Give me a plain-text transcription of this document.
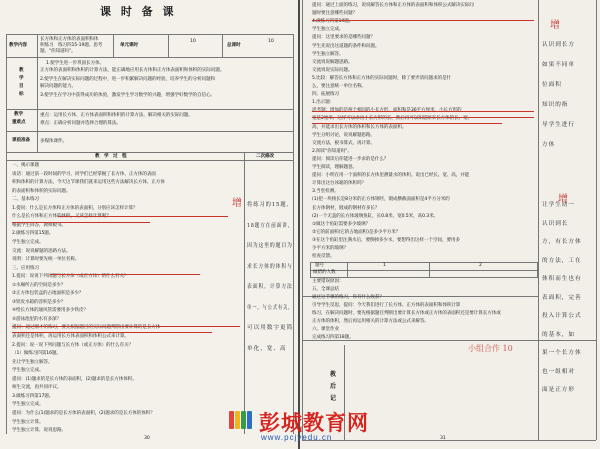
课 时 备 课
教学内容
长方体和正方体的表面积和体
积练习 练习四15-19题、思考
题、"你知道吗"。
单元课时
10
总课时
10
教
学
目
标
1.使学生进一步巩固长方体、
正方体的表面积和体积的计算方法，能正确地应用长方体和正方体表面积和体积的实际问题。
2.使学生在解决实际问题的过程中，进一步积累解决问题的经验，培养学生的分析问题和
解决问题的能力。
3.使学生在学习中获得成功的体验，激发学生学习数学的兴趣，增强学好数学的自信心。
教学
重难点
重点：运用长方体、正方体表面积和体积的计算方法，解决相关的实际问题。
难点：正确分析问题并选择合理的算法。
课前准备 多媒体课件。
教　学　过　程	二次修改
一、揭示课题
谈话：通过前一段时间的学习，同学们已经掌握了长方体、正方体的表面
积和体积的计算方法，今天这节课我们就来运用这些方法解决长方体、正方体
的表面积和体积的实际问题。
二、基本练习
1.提问：什么是长方体和正方体的表面积，分别应该怎样计算？
什么是长方体和正方体的体积，又该怎样计算呢？
根据学生回答，教师板书。
2.做练习四第15题。
学生独立完成。
交流：说说解题的思路方法。
说明：计算时要先统一单位名称。
三、应用练习
1.提问：说说下列问题与长方体（或正方体）的什么有关？
①水厢所占的空间是多少？
②正方体包装盒的占地面积是多少？
③铁皮水箱的容积是多少？
④给长方体的通风管需要用多少铁皮？
⑤游泳池里的水有多深？
提问：通过刚才的练习，要先根据题目的实际问题判断出要计算的是长方体
表面积还是体积，再运用长方体表面积和体积公式来计算。
2.提问：说一说下列问题与长方体（或正方体）的什么有关？
（1）做练习四第16题。
先让学生独立解答。
学生独立完成。
提问：(1)题求的是长方体的表面积，(2)题求的是长方体体积。
师生交流，再共同评议。
3.做练习四第17题。
学生独立完成。
提问：为什么(1)题求的是长方体的表面积，(2)题求的是长方体的体积？
学生独立计算。
学生独立计算，说说思路。
增 将练习的15题、
18题方在前面讲，
因为这里的题目为
求长方体的体积与
表面积，计算方法
单一，与公式有关，
可以用数字更简
单化，宽、高
30
提问：通过上面的练习，说说解答长方体和正方体的表面积和体积公式解决实际问
题时要注意哪些问题？
4.做练习四第19题。
学生独立完成。
提问：这里要求的是哪些问题？
学生先说出这道题的条件和问题。
学生独立解答。
交流说说解题思路。
交流说说实际问题。
5.比较：解答长方体和正方体的实际问题时，除了要弄清问题求的是什
么，要注意统一单位名称。
四、拓展练习
1.出示题：
思考题：增加的是两个相同的小长方形，面积和是36平方厘米，小长方形的
宽是2厘米，这样可以求出小长方形的长，然后再可以知道原来长方体的长、宽、
高，并能求出长方体的体积和长方体的表面积。
学生分组讨论，说说解题思路。
交流方法，板书算式，再计算。
2.阅读"你知道吗"。
提问：阅读后你能进一步求的是什么？
学生阅读，理解题意。
提问：小明在用一个面积的长方体里测量水的体积。说出已经长、宽、高，并能
计算出这台冰箱的体积吗？
3.当堂检测。
(1)把一块棱长是8分米的正方体钢坯，锻成横截面面积是4平方分米的
长方体钢材，锻成的钢材有多长？
(2)一个无盖的长方体玻璃鱼缸，长0.8米，宽0.5米，高0.3米。
①做这个鱼缸需要多少玻璃？
②它的前面积(它的占地面积)是多少平方米？
③在这个鱼缸里注满水后，要倒掉多少水，要想得出这样一个空间，要用多
少平方米的玻璃？
检查反馈。
题号	1	2
做错的人数
主要错误原因：
五、全课总结
通过这节课的练习，你有什么收获？
引导学生反思，提问：今天我们进行了长方体、正方体的表面积和体积计算
练习，在解决问题时，要先根据题目判断出要计算长方体或正方体的表面积还是要计算长方体或
正方体的体积，然后再运用相关的计算方法或公式来解答。
六、课堂作业
完成练习四第18题。
教
后
记
小组合作 10
增
增
让学生动一
认识到长
方，有长方体
的方法，工在
体积而生也有
表面积，完善
投入计算公式
的基本，如
果一个长方体
也一组相对
面是正方形
认识到长方
如果不同单
位面积
知识的指
导学生进行
方体
31
彭城教育网
www.pcjyedu.cn
